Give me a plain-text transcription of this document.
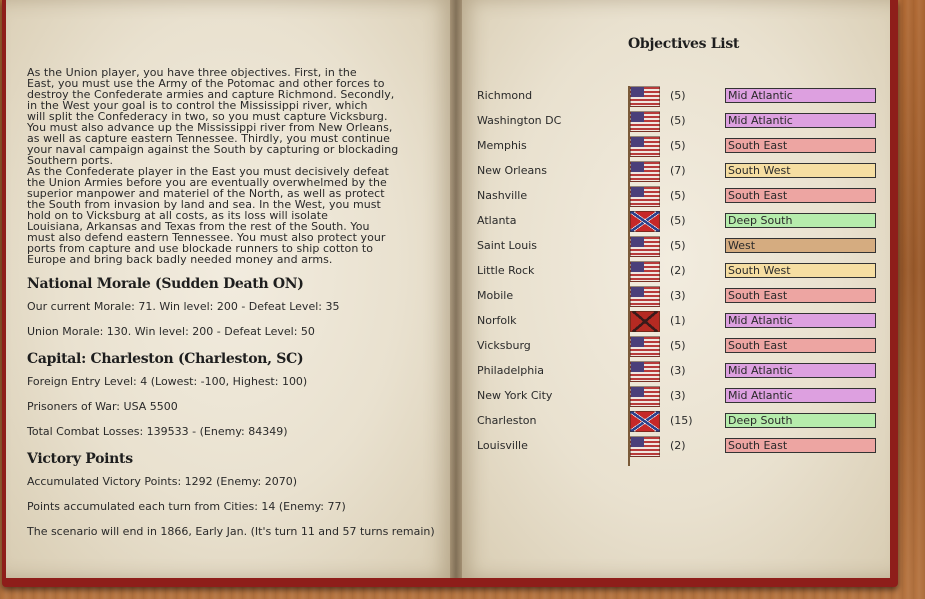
As the Union player, you have three objectives. First, in the
East, you must use the Army of the Potomac and other forces to
destroy the Confederate armies and capture Richmond. Secondly,
in the West your goal is to control the Mississippi river, which
will split the Confederacy in two, so you must capture Vicksburg.
You must also advance up the Mississippi river from New Orleans,
as well as capture eastern Tennessee. Thirdly, you must continue
your naval campaign against the South by capturing or blockading
Southern ports.
As the Confederate player in the East you must decisively defeat
the Union Armies before you are eventually overwhelmed by the
superior manpower and materiel of the North, as well as protect
the South from invasion by land and sea. In the West, you must
hold on to Vicksburg at all costs, as its loss will isolate
Louisiana, Arkansas and Texas from the rest of the South. You
must also defend eastern Tennessee. You must also protect your
ports from capture and use blockade runners to ship cotton to
Europe and bring back badly needed money and arms.
National Morale (Sudden Death ON)
Our current Morale: 71. Win level: 200 - Defeat Level: 35
Union Morale: 130. Win level: 200 - Defeat Level: 50
Capital: Charleston (Charleston, SC)
Foreign Entry Level: 4 (Lowest: -100, Highest: 100)
Prisoners of War: USA 5500
Total Combat Losses: 139533 - (Enemy: 84349)
Victory Points
Accumulated Victory Points: 1292 (Enemy: 2070)
Points accumulated each turn from Cities: 14 (Enemy: 77)
The scenario will end in 1866, Early Jan. (It's turn 11 and 57 turns remain)
Objectives List
Richmond	(5)	Mid Atlantic
Washington DC	(5)	Mid Atlantic
Memphis	(5)	South East
New Orleans	(7)	South West
Nashville	(5)	South East
Atlanta	(5)	Deep South
Saint Louis	(5)	West
Little Rock	(2)	South West
Mobile	(3)	South East
Norfolk	(1)	Mid Atlantic
Vicksburg	(5)	South East
Philadelphia	(3)	Mid Atlantic
New York City	(3)	Mid Atlantic
Charleston	(15)	Deep South
Louisville	(2)	South East
